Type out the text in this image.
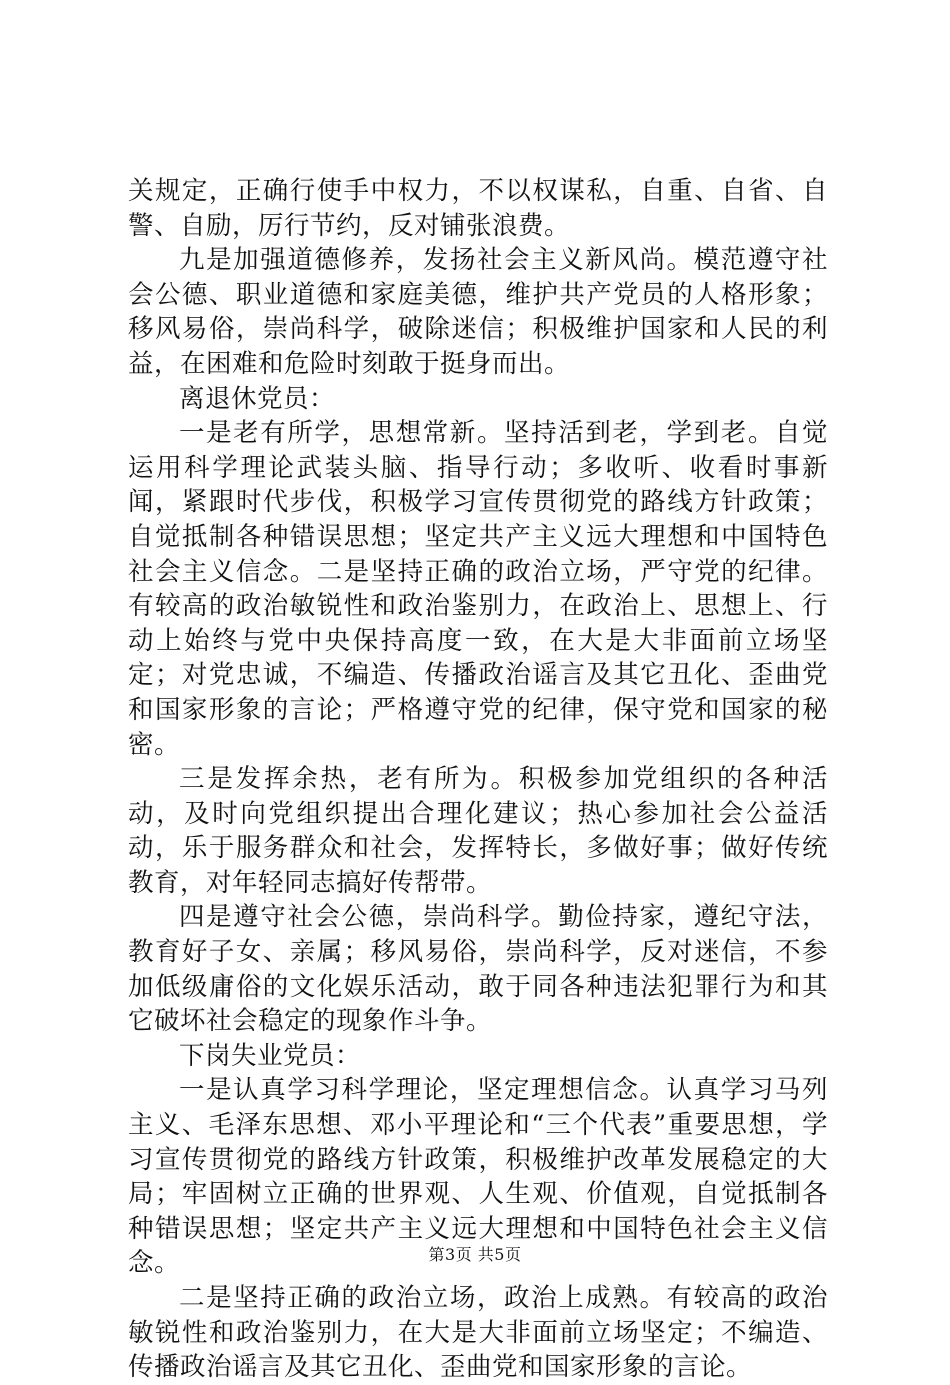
关规定，正确行使手中权力，不以权谋私，自重、自省、自警、自励，厉行节约，反对铺张浪费。

九是加强道德修养，发扬社会主义新风尚。模范遵守社会公德、职业道德和家庭美德，维护共产党员的人格形象；移风易俗，崇尚科学，破除迷信；积极维护国家和人民的利益，在困难和危险时刻敢于挺身而出。

离退休党员：

一是老有所学，思想常新。坚持活到老，学到老。自觉运用科学理论武装头脑、指导行动；多收听、收看时事新闻，紧跟时代步伐，积极学习宣传贯彻党的路线方针政策；自觉抵制各种错误思想；坚定共产主义远大理想和中国特色社会主义信念。二是坚持正确的政治立场，严守党的纪律。有较高的政治敏锐性和政治鉴别力，在政治上、思想上、行动上始终与党中央保持高度一致，在大是大非面前立场坚定；对党忠诚，不编造、传播政治谣言及其它丑化、歪曲党和国家形象的言论；严格遵守党的纪律，保守党和国家的秘密。

三是发挥余热，老有所为。积极参加党组织的各种活动，及时向党组织提出合理化建议；热心参加社会公益活动，乐于服务群众和社会，发挥特长，多做好事；做好传统教育，对年轻同志搞好传帮带。

四是遵守社会公德，崇尚科学。勤俭持家，遵纪守法，教育好子女、亲属；移风易俗，崇尚科学，反对迷信，不参加低级庸俗的文化娱乐活动，敢于同各种违法犯罪行为和其它破坏社会稳定的现象作斗争。

下岗失业党员：

一是认真学习科学理论，坚定理想信念。认真学习马列主义、毛泽东思想、邓小平理论和“三个代表”重要思想，学习宣传贯彻党的路线方针政策，积极维护改革发展稳定的大局；牢固树立正确的世界观、人生观、价值观，自觉抵制各种错误思想；坚定共产主义远大理想和中国特色社会主义信念。

二是坚持正确的政治立场，政治上成熟。有较高的政治敏锐性和政治鉴别力，在大是大非面前立场坚定；不编造、传播政治谣言及其它丑化、歪曲党和国家形象的言论。

第3页 共5页
